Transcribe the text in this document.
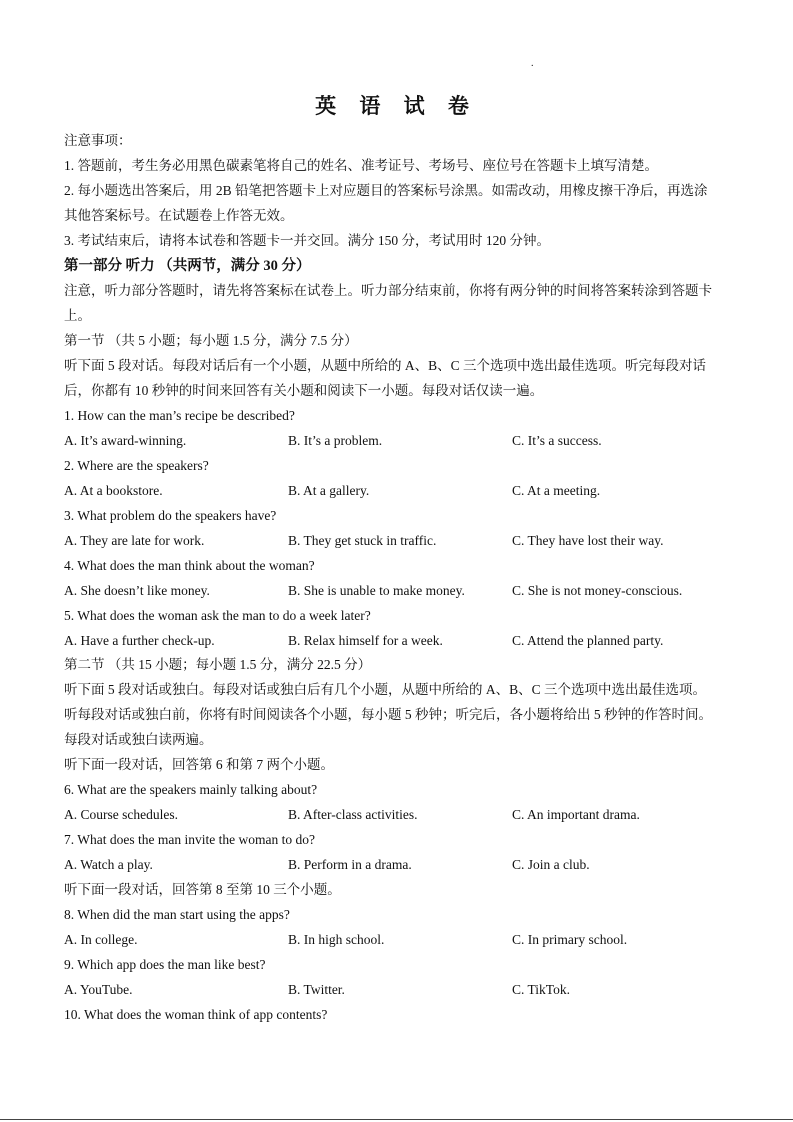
.
英 语 试 卷
注意事项：
1. 答题前，考生务必用黑色碳素笔将自己的姓名、准考证号、考场号、座位号在答题卡上填写清楚。
2. 每小题选出答案后，用 2B 铅笔把答题卡上对应题目的答案标号涂黑。如需改动，用橡皮擦干净后，再选涂
其他答案标号。在试题卷上作答无效。
3. 考试结束后，请将本试卷和答题卡一并交回。满分 150 分，考试用时 120 分钟。
第一部分 听力 （共两节，满分 30 分）
注意，听力部分答题时，请先将答案标在试卷上。听力部分结束前，你将有两分钟的时间将答案转涂到答题卡
上。
第一节 （共 5 小题；每小题 1.5 分，满分 7.5 分）
听下面 5 段对话。每段对话后有一个小题，从题中所给的 A、B、C 三个选项中选出最佳选项。听完每段对话
后，你都有 10 秒钟的时间来回答有关小题和阅读下一小题。每段对话仅读一遍。
1. How can the man’s recipe be described?
A. It’s award-winning.	B. It’s a problem.	C. It’s a success.
2. Where are the speakers?
A. At a bookstore.	B. At a gallery.	C. At a meeting.
3. What problem do the speakers have?
A. They are late for work.	B. They get stuck in traffic.	C. They have lost their way.
4. What does the man think about the woman?
A. She doesn’t like money.	B. She is unable to make money.	C. She is not money-conscious.
5. What does the woman ask the man to do a week later?
A. Have a further check-up.	B. Relax himself for a week.	C. Attend the planned party.
第二节 （共 15 小题；每小题 1.5 分，满分 22.5 分）
听下面 5 段对话或独白。每段对话或独白后有几个小题，从题中所给的 A、B、C 三个选项中选出最佳选项。
听每段对话或独白前，你将有时间阅读各个小题，每小题 5 秒钟；听完后，各小题将给出 5 秒钟的作答时间。
每段对话或独白读两遍。
听下面一段对话，回答第 6 和第 7 两个小题。
6. What are the speakers mainly talking about?
A. Course schedules.	B. After-class activities.	C. An important drama.
7. What does the man invite the woman to do?
A. Watch a play.	B. Perform in a drama.	C. Join a club.
听下面一段对话，回答第 8 至第 10 三个小题。
8. When did the man start using the apps?
A. In college.	B. In high school.	C. In primary school.
9. Which app does the man like best?
A. YouTube.	B. Twitter.	C. TikTok.
10. What does the woman think of app contents?
